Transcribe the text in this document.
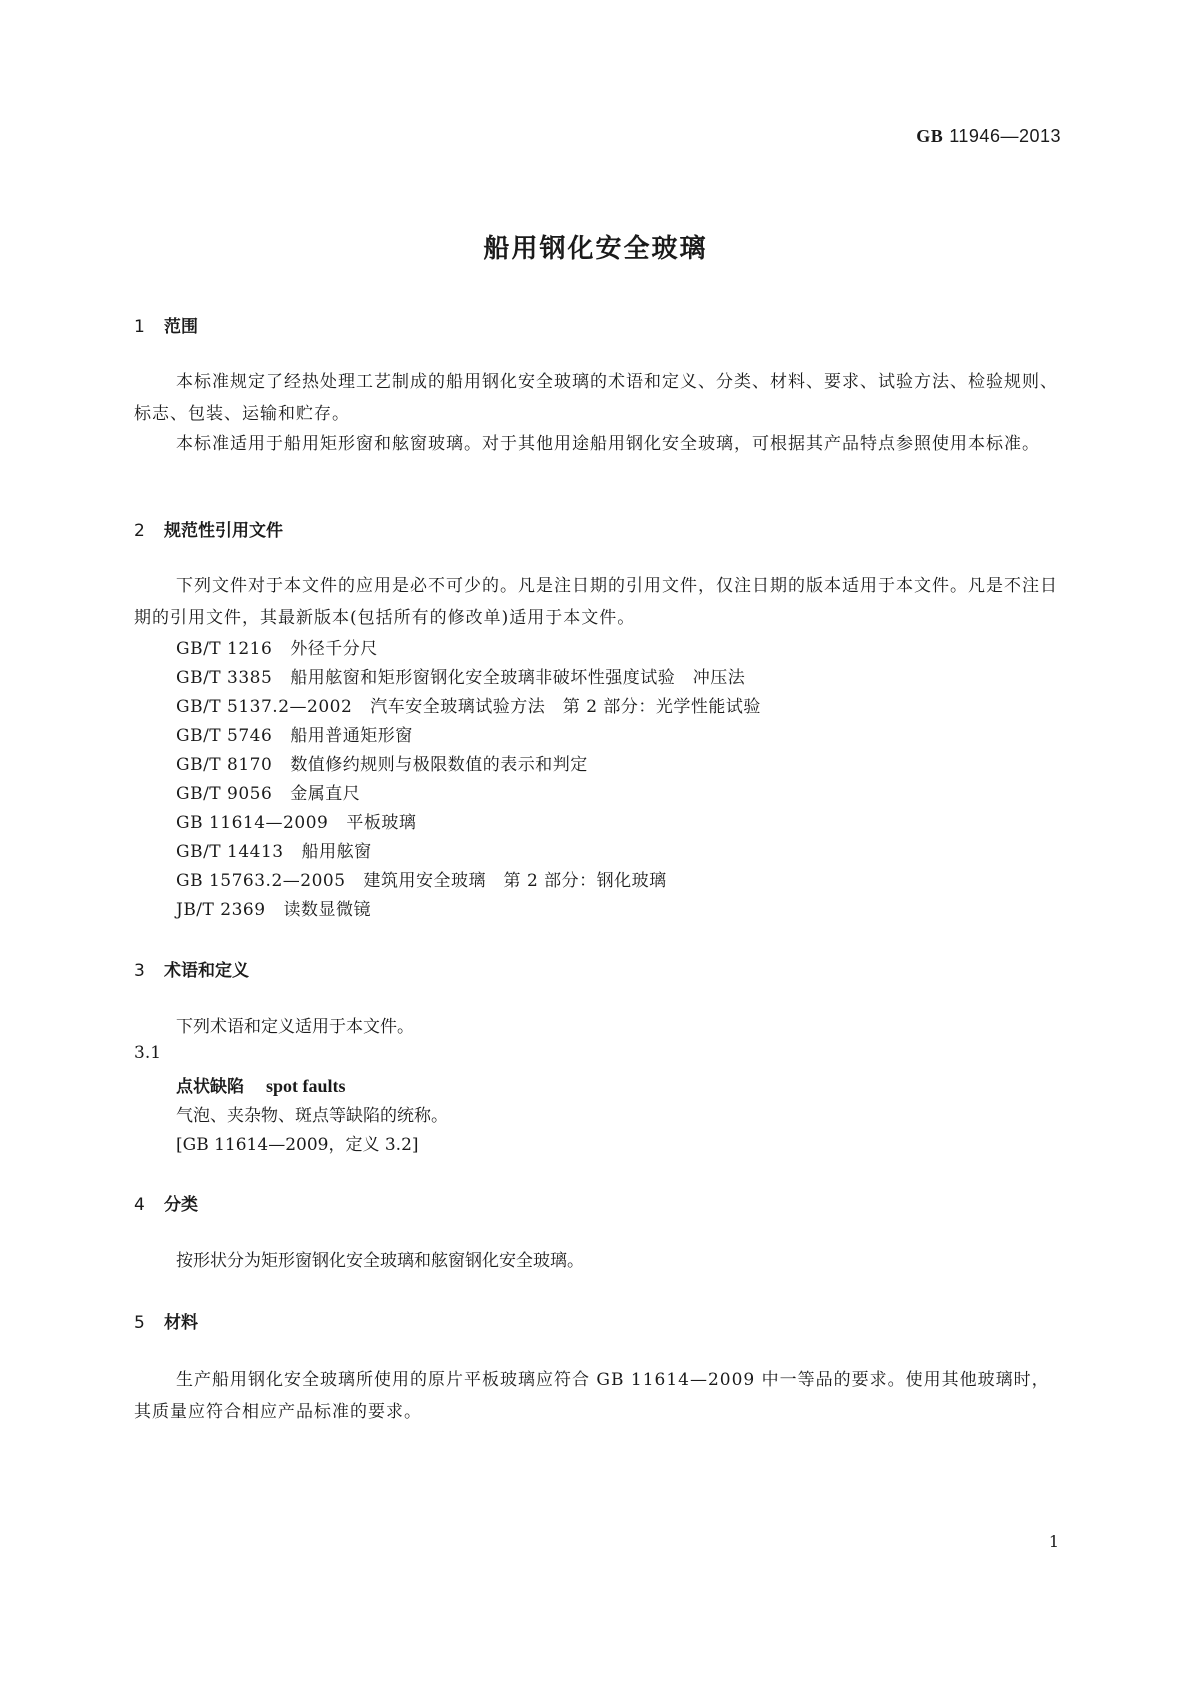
GB 11946—2013
船用钢化安全玻璃
1 范围
本标准规定了经热处理工艺制成的船用钢化安全玻璃的术语和定义、分类、材料、要求、试验方法、检验规则、标志、包装、运输和贮存。
本标准适用于船用矩形窗和舷窗玻璃。对于其他用途船用钢化安全玻璃，可根据其产品特点参照使用本标准。
2 规范性引用文件
下列文件对于本文件的应用是必不可少的。凡是注日期的引用文件，仅注日期的版本适用于本文件。凡是不注日期的引用文件，其最新版本(包括所有的修改单)适用于本文件。
GB/T 1216 外径千分尺
GB/T 3385 船用舷窗和矩形窗钢化安全玻璃非破坏性强度试验　冲压法
GB/T 5137.2—2002 汽车安全玻璃试验方法　第 2 部分：光学性能试验
GB/T 5746 船用普通矩形窗
GB/T 8170 数值修约规则与极限数值的表示和判定
GB/T 9056 金属直尺
GB 11614—2009 平板玻璃
GB/T 14413 船用舷窗
GB 15763.2—2005 建筑用安全玻璃　第 2 部分：钢化玻璃
JB/T 2369 读数显微镜
3 术语和定义
下列术语和定义适用于本文件。
3.1
点状缺陷 spot faults
气泡、夹杂物、斑点等缺陷的统称。
[GB 11614—2009，定义 3.2]
4 分类
按形状分为矩形窗钢化安全玻璃和舷窗钢化安全玻璃。
5 材料
生产船用钢化安全玻璃所使用的原片平板玻璃应符合 GB 11614—2009 中一等品的要求。使用其他玻璃时，其质量应符合相应产品标准的要求。
1
